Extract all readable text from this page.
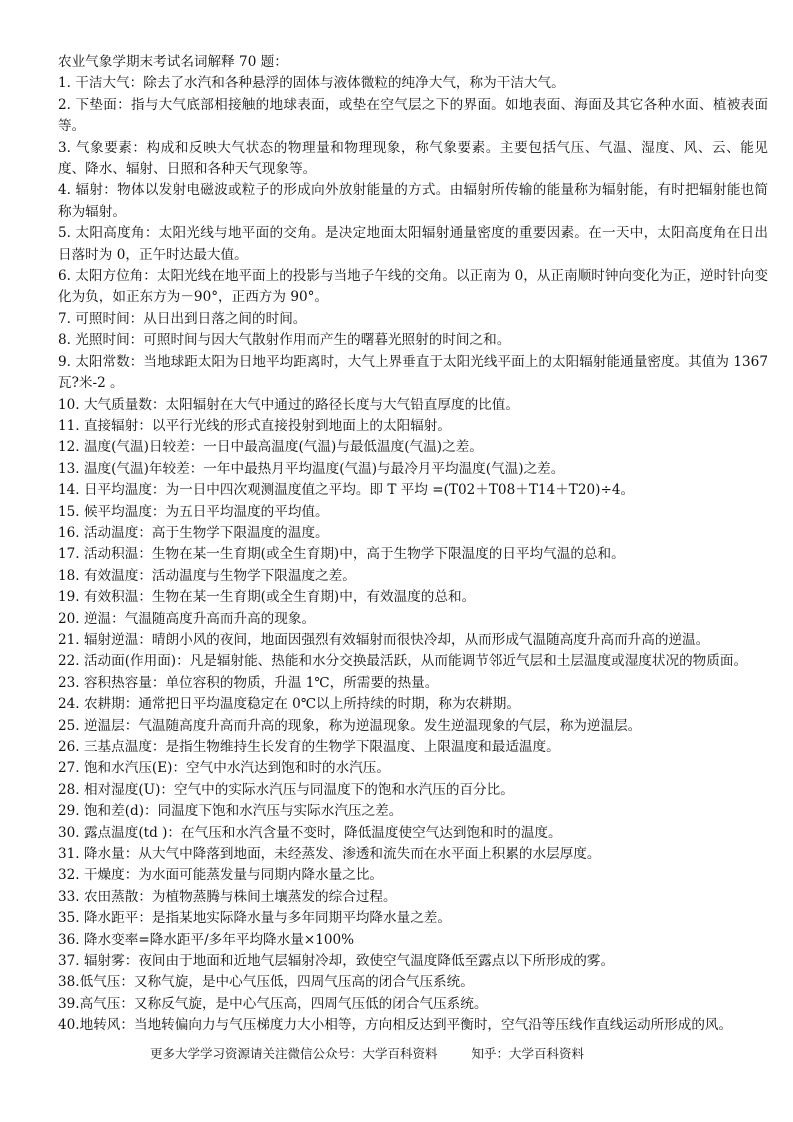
农业气象学期末考试名词解释 70 题：

1. 干洁大气：除去了水汽和各种悬浮的固体与液体微粒的纯净大气，称为干洁大气。

2. 下垫面：指与大气底部相接触的地球表面，或垫在空气层之下的界面。如地表面、海面及其它各种水面、植被表面等。

3. 气象要素：构成和反映大气状态的物理量和物理现象，称气象要素。主要包括气压、气温、湿度、风、云、能见度、降水、辐射、日照和各种天气现象等。

4. 辐射：物体以发射电磁波或粒子的形成向外放射能量的方式。由辐射所传输的能量称为辐射能，有时把辐射能也简称为辐射。

5. 太阳高度角：太阳光线与地平面的交角。是决定地面太阳辐射通量密度的重要因素。在一天中，太阳高度角在日出日落时为 0，正午时达最大值。

6. 太阳方位角：太阳光线在地平面上的投影与当地子午线的交角。以正南为 0，从正南顺时钟向变化为正，逆时针向变化为负，如正东方为－90°，正西方为 90°。

7. 可照时间：从日出到日落之间的时间。

8. 光照时间：可照时间与因大气散射作用而产生的曙暮光照射的时间之和。

9. 太阳常数：当地球距太阳为日地平均距离时，大气上界垂直于太阳光线平面上的太阳辐射能通量密度。其值为 1367 瓦?米-2 。

10. 大气质量数：太阳辐射在大气中通过的路径长度与大气铅直厚度的比值。

11. 直接辐射：以平行光线的形式直接投射到地面上的太阳辐射。

12. 温度(气温)日较差：一日中最高温度(气温)与最低温度(气温)之差。

13. 温度(气温)年较差：一年中最热月平均温度(气温)与最冷月平均温度(气温)之差。

14. 日平均温度：为一日中四次观测温度值之平均。即 T 平均 =(T02＋T08＋T14＋T20)÷4。

15. 候平均温度：为五日平均温度的平均值。

16. 活动温度：高于生物学下限温度的温度。

17. 活动积温：生物在某一生育期(或全生育期)中，高于生物学下限温度的日平均气温的总和。

18. 有效温度：活动温度与生物学下限温度之差。

19. 有效积温：生物在某一生育期(或全生育期)中，有效温度的总和。

20. 逆温：气温随高度升高而升高的现象。

21. 辐射逆温：晴朗小风的夜间，地面因强烈有效辐射而很快冷却，从而形成气温随高度升高而升高的逆温。

22. 活动面(作用面)：凡是辐射能、热能和水分交换最活跃，从而能调节邻近气层和土层温度或湿度状况的物质面。

23. 容积热容量：单位容积的物质，升温 1℃，所需要的热量。

24. 农耕期：通常把日平均温度稳定在 0℃以上所持续的时期，称为农耕期。

25. 逆温层：气温随高度升高而升高的现象，称为逆温现象。发生逆温现象的气层，称为逆温层。

26. 三基点温度：是指生物维持生长发育的生物学下限温度、上限温度和最适温度。

27. 饱和水汽压(E)：空气中水汽达到饱和时的水汽压。

28. 相对湿度(U)：空气中的实际水汽压与同温度下的饱和水汽压的百分比。

29. 饱和差(d)：同温度下饱和水汽压与实际水汽压之差。

30. 露点温度(td )：在气压和水汽含量不变时，降低温度使空气达到饱和时的温度。

31. 降水量：从大气中降落到地面，未经蒸发、渗透和流失而在水平面上积累的水层厚度。

32. 干燥度：为水面可能蒸发量与同期内降水量之比。

33. 农田蒸散：为植物蒸腾与株间土壤蒸发的综合过程。

35. 降水距平：是指某地实际降水量与多年同期平均降水量之差。

36. 降水变率=降水距平/多年平均降水量×100%

37. 辐射雾：夜间由于地面和近地气层辐射冷却，致使空气温度降低至露点以下所形成的雾。

38.低气压：又称气旋，是中心气压低，四周气压高的闭合气压系统。

39.高气压：又称反气旋，是中心气压高，四周气压低的闭合气压系统。

40.地转风：当地转偏向力与气压梯度力大小相等，方向相反达到平衡时，空气沿等压线作直线运动所形成的风。

更多大学学习资源请关注微信公众号：大学百科资料	知乎：大学百科资料
